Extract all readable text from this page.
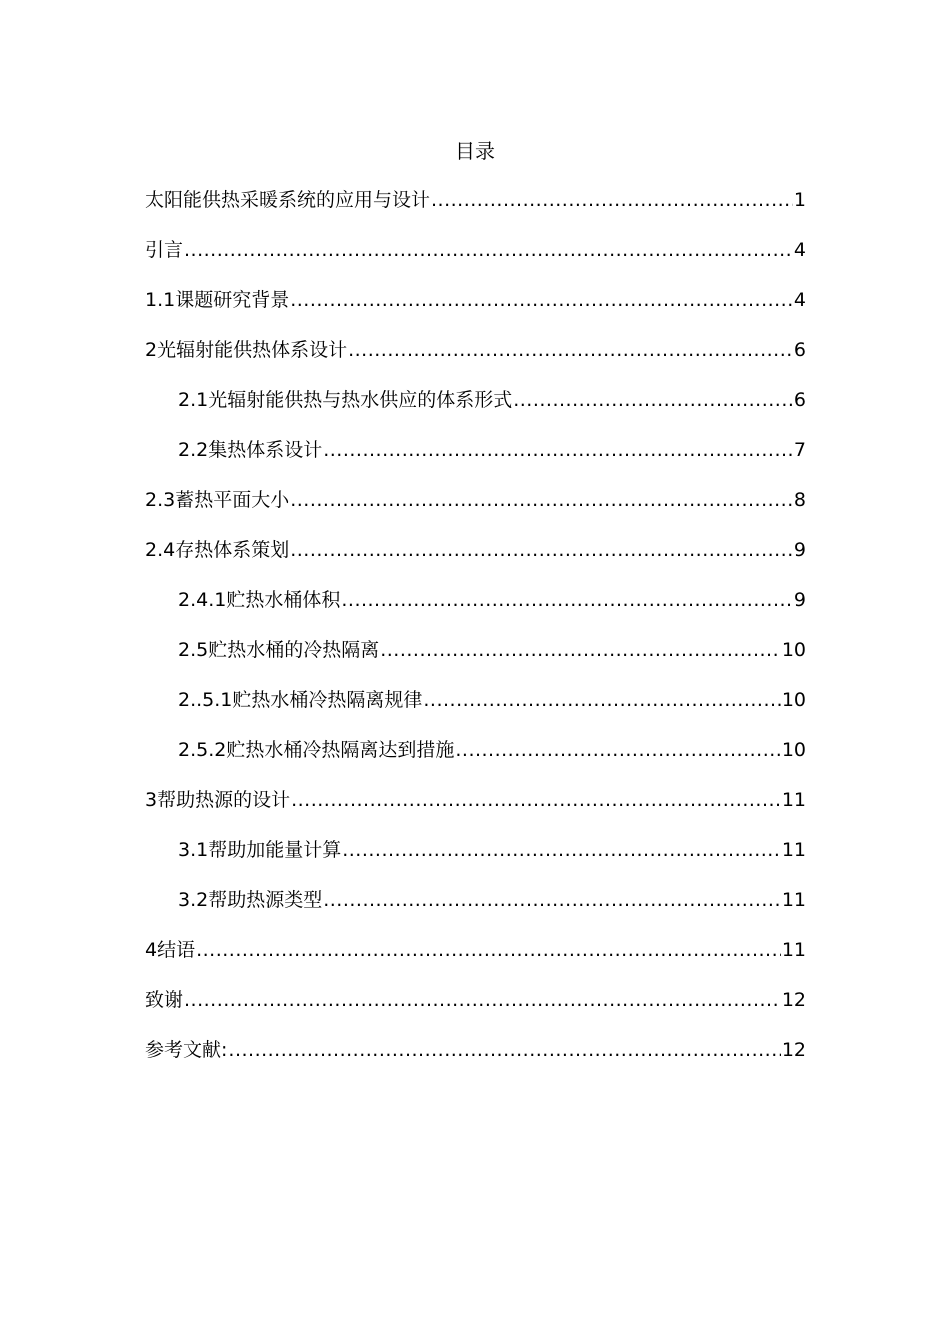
目录
太阳能供热采暖系统的应用与设计 .....	1
引言 .....	4
1.1课题研究背景 .....	4
2光辐射能供热体系设计 .....	6
2.1光辐射能供热与热水供应的体系形式 .....	6
2.2集热体系设计 .....	7
2.3蓄热平面大小 .....	8
2.4存热体系策划 .....	9
2.4.1贮热水桶体积 .....	9
2.5贮热水桶的冷热隔离 .....	10
2..5.1贮热水桶冷热隔离规律 .....	10
2.5.2贮热水桶冷热隔离达到措施 .....	10
3帮助热源的设计 .....	11
3.1帮助加能量计算 .....	11
3.2帮助热源类型 .....	11
4结语 .....	11
致谢 .....	12
参考文献: .....	12
